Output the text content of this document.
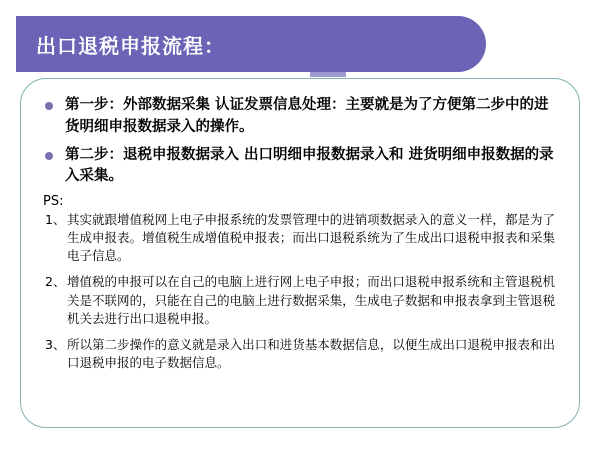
出口退税申报流程：
第一步：外部数据采集 认证发票信息处理：主要就是为了方便第二步中的进货明细申报数据录入的操作。
第二步：退税申报数据录入 出口明细申报数据录入和 进货明细申报数据的录入采集。
PS:
1、 其实就跟增值税网上电子申报系统的发票管理中的进销项数据录入的意义一样，都是为了生成申报表。增值税生成增值税申报表；而出口退税系统为了生成出口退税申报表和采集电子信息。
2、 增值税的申报可以在自己的电脑上进行网上电子申报；而出口退税申报系统和主管退税机关是不联网的，只能在自己的电脑上进行数据采集，生成电子数据和申报表拿到主管退税机关去进行出口退税申报。
3、 所以第二步操作的意义就是录入出口和进货基本数据信息，以便生成出口退税申报表和出口退税申报的电子数据信息。
